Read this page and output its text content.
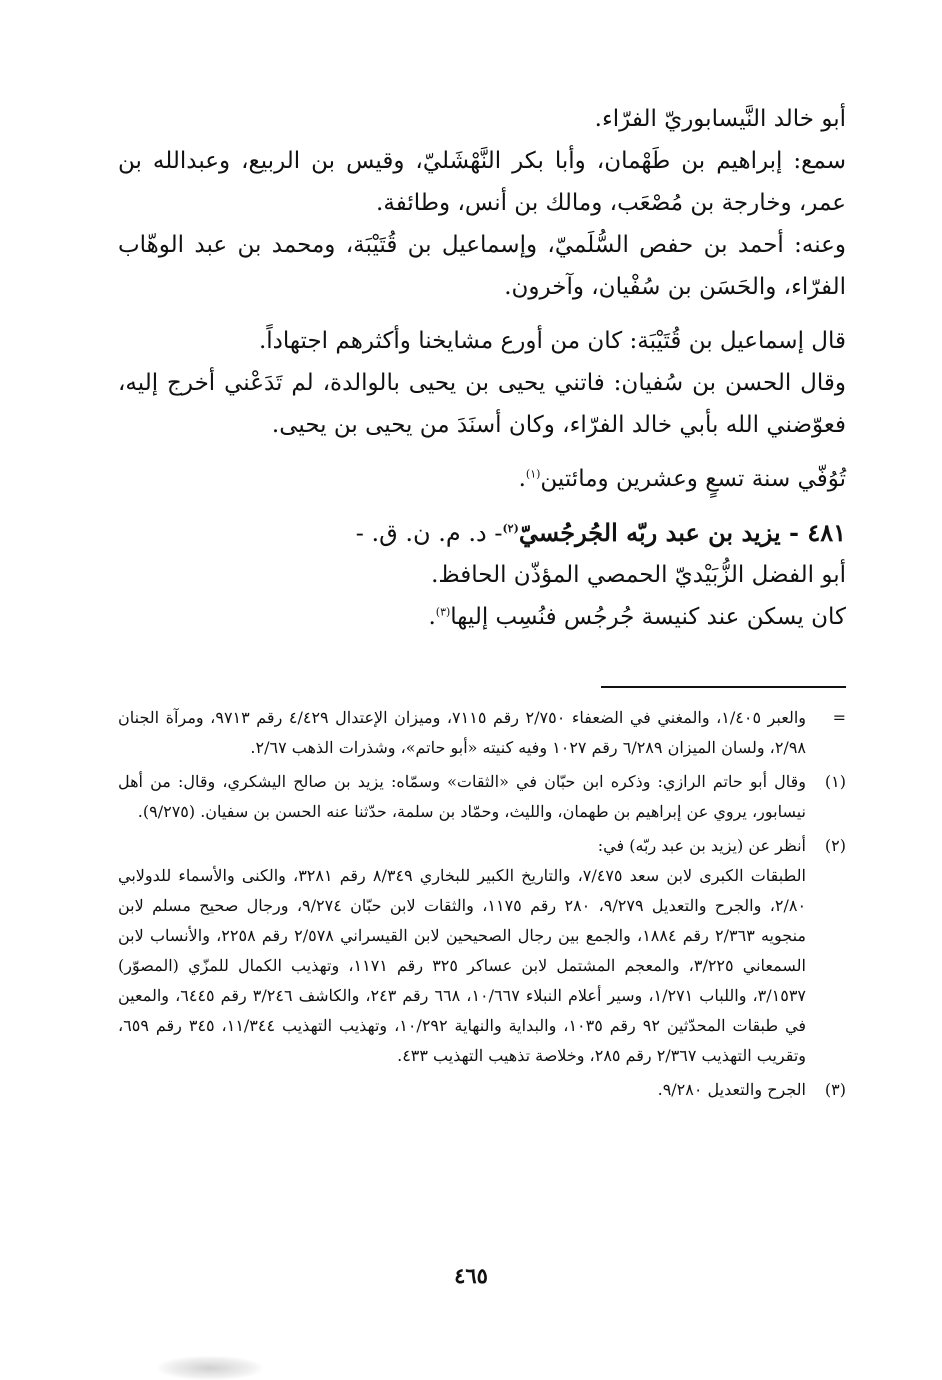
أبو خالد النَّيسابوريّ الفرّاء.

سمع: إبراهيم بن طَهْمان، وأبا بكر النَّهْشَليّ، وقيس بن الربيع، وعبدالله بن عمر، وخارجة بن مُصْعَب، ومالك بن أنس، وطائفة.

وعنه: أحمد بن حفص السُّلَميّ، وإسماعيل بن قُتَيْبَة، ومحمد بن عبد الوهّاب الفرّاء، والحَسَن بن سُفْيان، وآخرون.

قال إسماعيل بن قُتَيْبَة: كان من أورع مشايخنا وأكثرهم اجتهاداً.

وقال الحسن بن سُفيان: فاتني يحيى بن يحيى بالوالدة، لم تَدَعْني أخرج إليه، فعوّضني الله بأبي خالد الفرّاء، وكان أسنَدَ من يحيى بن يحيى.

تُوُفّي سنة تسعٍ وعشرين ومائتين$^{(١)}$.

٤٨١ - يزيد بن عبد ربّه الجُرجُسيّ$^{(٢)}$- د. م. ن. ق. -

أبو الفضل الزُّبَيْديّ الحمصي المؤذّن الحافظ.

كان يسكن عند كنيسة جُرجُس فنُسِب إليها$^{(٣)}$.

=

والعبر ١/٤٠٥، والمغني في الضعفاء ٢/٧٥٠ رقم ٧١١٥، وميزان الإعتدال ٤/٤٢٩ رقم ٩٧١٣، ومرآة الجنان ٢/٩٨، ولسان الميزان ٦/٢٨٩ رقم ١٠٢٧ وفيه كنيته «أبو حاتم»، وشذرات الذهب ٢/٦٧.

(١)

وقال أبو حاتم الرازي: وذكره ابن حبّان في «الثقات» وسمّاه: يزيد بن صالح اليشكري، وقال: من أهل نيسابور، يروي عن إبراهيم بن طهمان، والليث، وحمّاد بن سلمة، حدّثنا عنه الحسن بن سفيان. (٩/٢٧٥).

(٢)

أنظر عن (يزيد بن عبد ربّه) في:

الطبقات الكبرى لابن سعد ٧/٤٧٥، والتاريخ الكبير للبخاري ٨/٣٤٩ رقم ٣٢٨١، والكنى والأسماء للدولابي ٢/٨٠، والجرح والتعديل ٩/٢٧٩، ٢٨٠ رقم ١١٧٥، والثقات لابن حبّان ٩/٢٧٤، ورجال صحيح مسلم لابن منجويه ٢/٣٦٣ رقم ١٨٨٤، والجمع بين رجال الصحيحين لابن القيسراني ٢/٥٧٨ رقم ٢٢٥٨، والأنساب لابن السمعاني ٣/٢٢٥، والمعجم المشتمل لابن عساكر ٣٢٥ رقم ١١٧١، وتهذيب الكمال للمزّي (المصوّر) ٣/١٥٣٧، واللباب ١/٢٧١، وسير أعلام النبلاء ١٠/٦٦٧، ٦٦٨ رقم ٢٤٣، والكاشف ٣/٢٤٦ رقم ٦٤٤٥، والمعين في طبقات المحدّثين ٩٢ رقم ١٠٣٥، والبداية والنهاية ١٠/٢٩٢، وتهذيب التهذيب ١١/٣٤٤، ٣٤٥ رقم ٦٥٩، وتقريب التهذيب ٢/٣٦٧ رقم ٢٨٥، وخلاصة تذهيب التهذيب ٤٣٣.

(٣)

الجرح والتعديل ٩/٢٨٠.

٤٦٥
